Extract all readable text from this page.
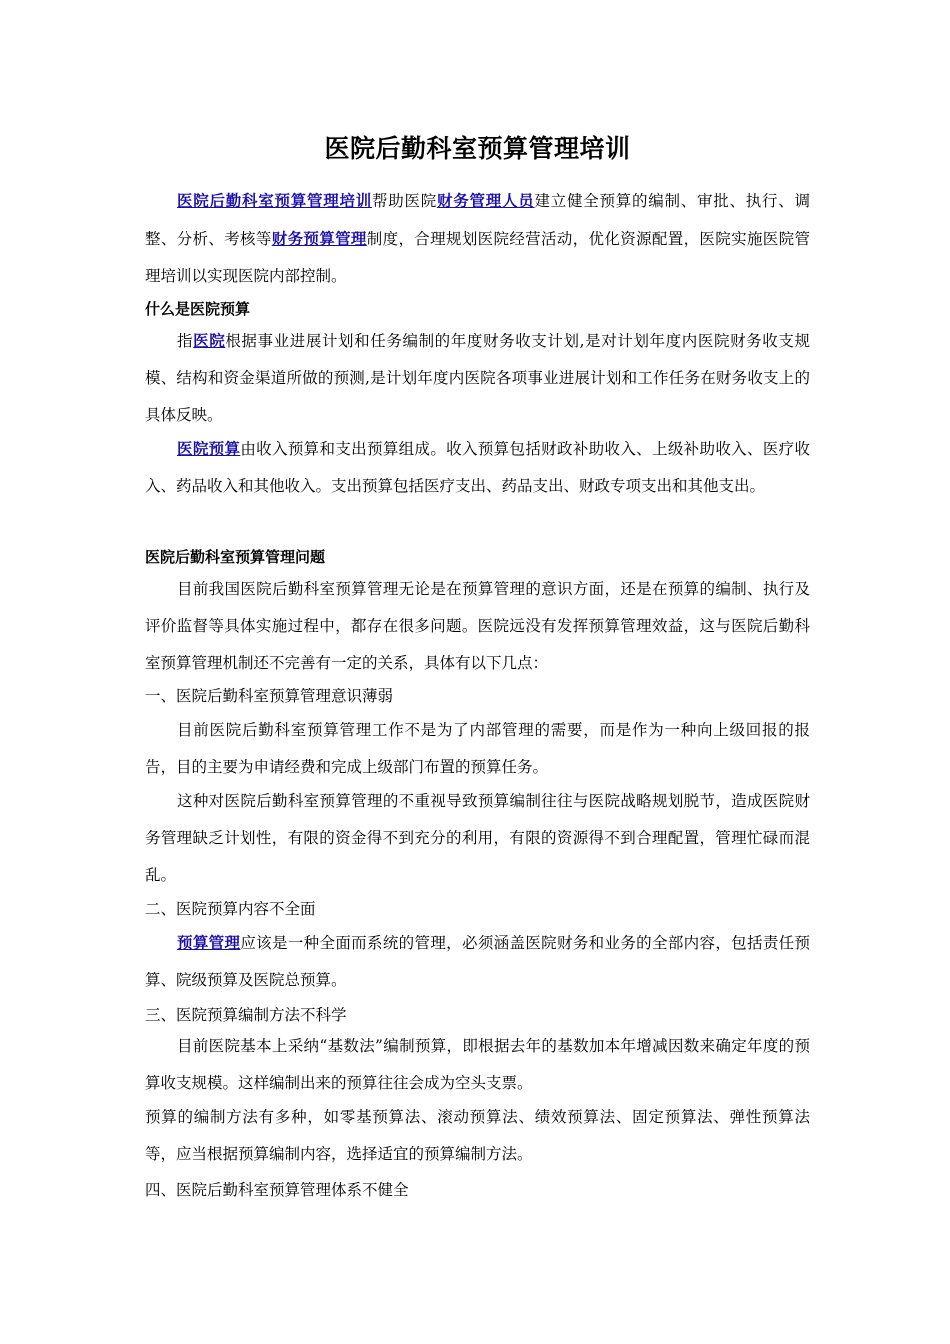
医院后勤科室预算管理培训

医院后勤科室预算管理培训帮助医院财务管理人员建立健全预算的编制、审批、执行、调整、分析、考核等财务预算管理制度，合理规划医院经营活动，优化资源配置，医院实施医院管理培训以实现医院内部控制。

什么是医院预算

指医院根据事业进展计划和任务编制的年度财务收支计划,是对计划年度内医院财务收支规模、结构和资金渠道所做的预测,是计划年度内医院各项事业进展计划和工作任务在财务收支上的具体反映。

医院预算由收入预算和支出预算组成。收入预算包括财政补助收入、上级补助收入、医疗收入、药品收入和其他收入。支出预算包括医疗支出、药品支出、财政专项支出和其他支出。

医院后勤科室预算管理问题

目前我国医院后勤科室预算管理无论是在预算管理的意识方面，还是在预算的编制、执行及评价监督等具体实施过程中，都存在很多问题。医院远没有发挥预算管理效益，这与医院后勤科室预算管理机制还不完善有一定的关系，具体有以下几点：

一、医院后勤科室预算管理意识薄弱

目前医院后勤科室预算管理工作不是为了内部管理的需要，而是作为一种向上级回报的报告，目的主要为申请经费和完成上级部门布置的预算任务。

这种对医院后勤科室预算管理的不重视导致预算编制往往与医院战略规划脱节，造成医院财务管理缺乏计划性，有限的资金得不到充分的利用，有限的资源得不到合理配置，管理忙碌而混乱。

二、医院预算内容不全面

预算管理应该是一种全面而系统的管理，必须涵盖医院财务和业务的全部内容，包括责任预算、院级预算及医院总预算。

三、医院预算编制方法不科学

目前医院基本上采纳“基数法”编制预算，即根据去年的基数加本年增减因数来确定年度的预算收支规模。这样编制出来的预算往往会成为空头支票。

预算的编制方法有多种，如零基预算法、滚动预算法、绩效预算法、固定预算法、弹性预算法等，应当根据预算编制内容，选择适宜的预算编制方法。

四、医院后勤科室预算管理体系不健全
